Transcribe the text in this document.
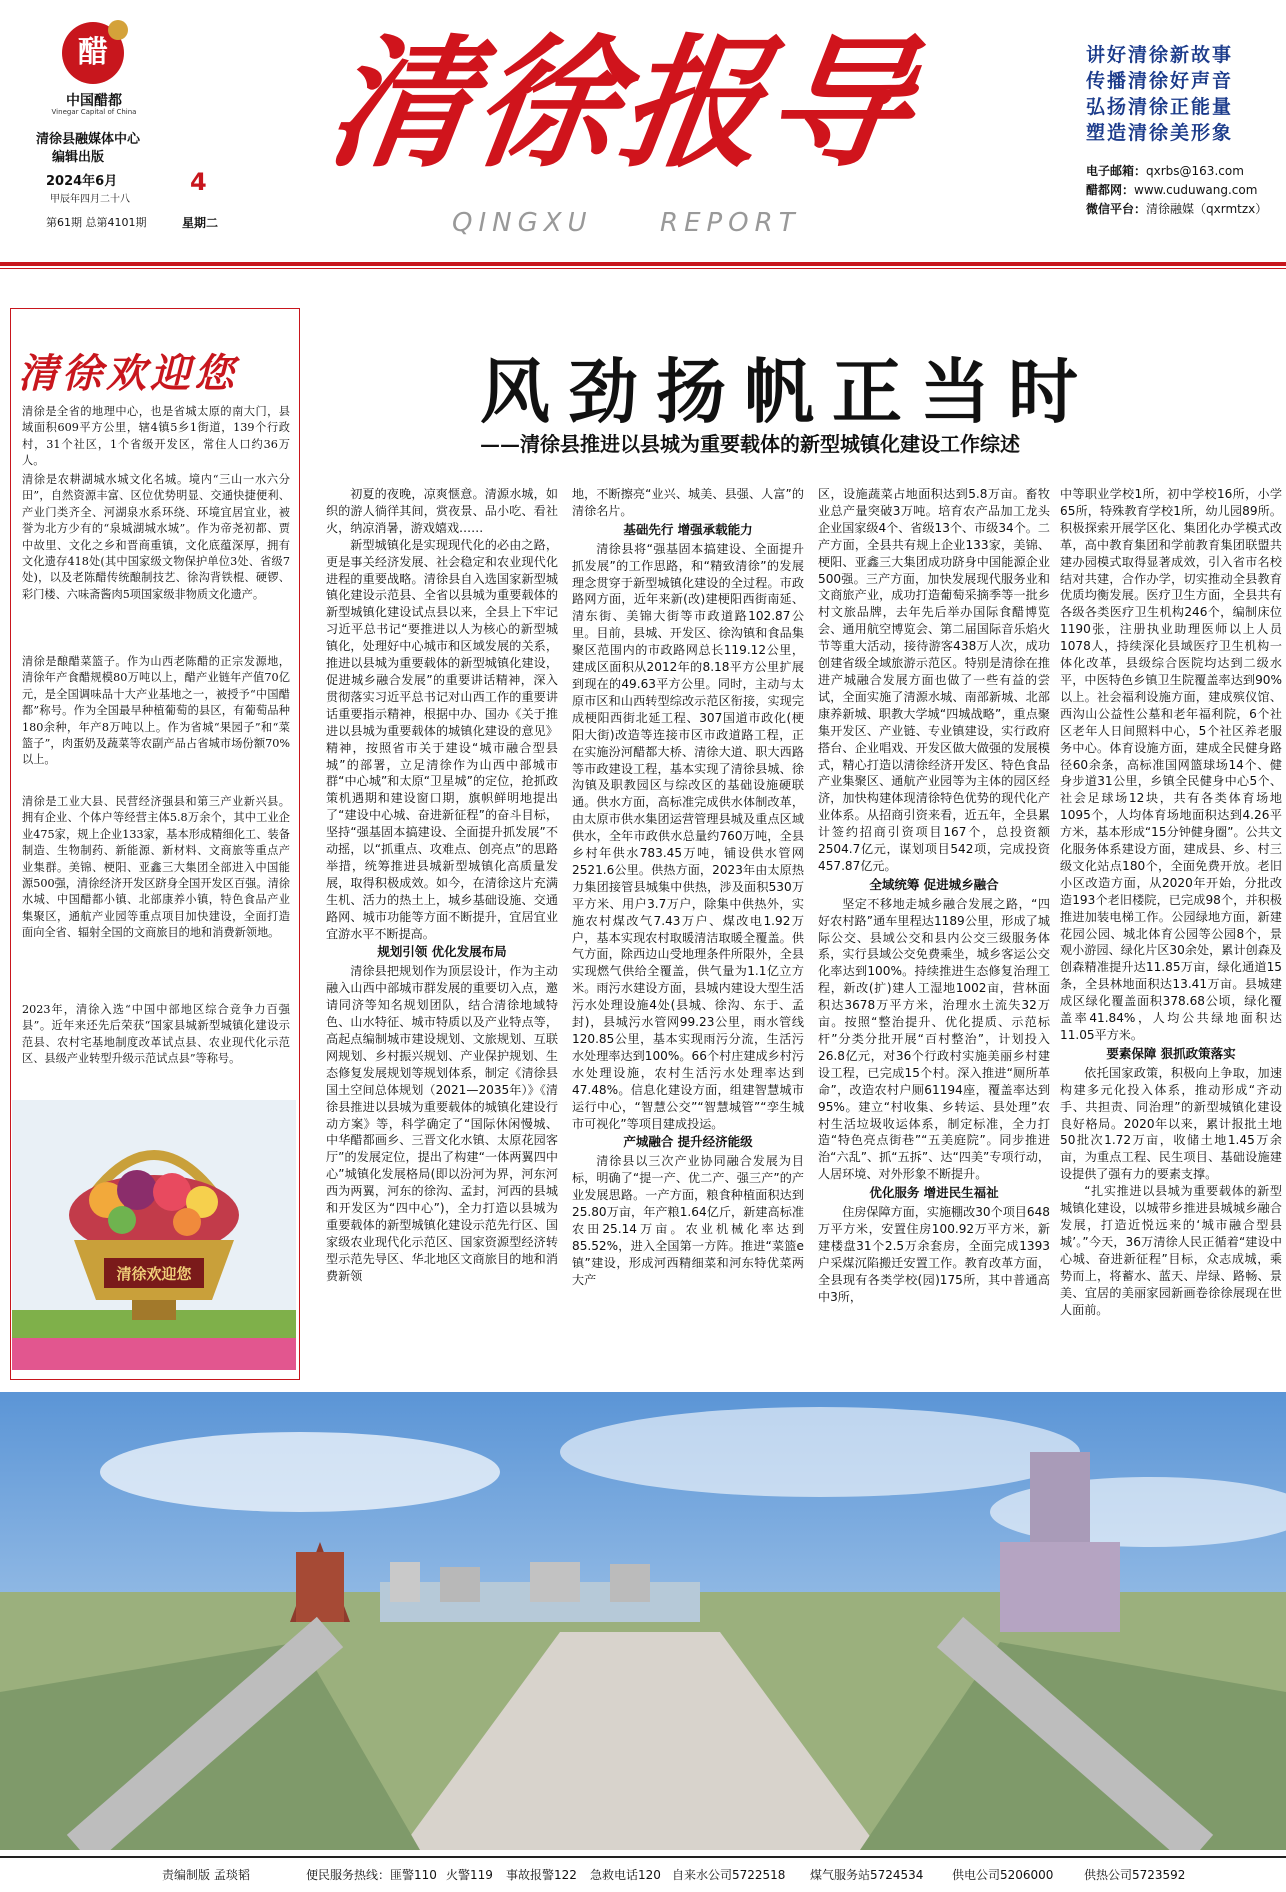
醋
中国醋都
Vinegar Capital of China
清徐县融媒体中心
编辑出版
2024年6月
甲辰年四月二十八
4
第61期 总第4101期	星期二
清徐报导
QINGXU	REPORT
讲好清徐新故事
传播清徐好声音
弘扬清徐正能量
塑造清徐美形象
电子邮箱：qxrbs@163.com
醋都网：www.cuduwang.com
微信平台：清徐融媒（qxrmtzx）
清徐欢迎您
清徐是全省的地理中心，也是省城太原的南大门，县域面积609平方公里，辖4镇5乡1街道，139个行政村，31个社区，1个省级开发区，常住人口约36万人。
清徐是农耕湖城水城文化名城。境内“三山一水六分田”，自然资源丰富、区位优势明显、交通快捷便利、产业门类齐全、河湖泉水系环绕、环境宜居宜业，被誉为北方少有的“泉城湖城水城”。作为帝尧初都、贾中故里、文化之乡和晋商重镇，文化底蕴深厚，拥有文化遗存418处(其中国家级文物保护单位3处、省级7处)，以及老陈醋传统酿制技艺、徐沟背铁棍、硬锣、彩门楼、六味斋酱肉5项国家级非物质文化遗产。
清徐是酿醋菜篮子。作为山西老陈醋的正宗发源地，清徐年产食醋规模80万吨以上，醋产业链年产值70亿元，是全国调味品十大产业基地之一，被授予“中国醋都”称号。作为全国最早种植葡萄的县区，有葡萄品种180余种，年产8万吨以上。作为省城“果园子”和“菜篮子”，肉蛋奶及蔬菜等农副产品占省城市场份额70%以上。
清徐是工业大县、民营经济强县和第三产业新兴县。拥有企业、个体户等经营主体5.8万余个，其中工业企业475家，规上企业133家，基本形成精细化工、装备制造、生物制药、新能源、新材料、文商旅等重点产业集群。美锦、梗阳、亚鑫三大集团全部进入中国能源500强，清徐经济开发区跻身全国开发区百强。清徐水城、中国醋都小镇、北部康养小镇，特色食品产业集聚区，通航产业园等重点项目加快建设，全面打造面向全省、辐射全国的文商旅目的地和消费新领地。
2023年，清徐入选“中国中部地区综合竞争力百强县”。近年来还先后荣获“国家县城新型城镇化建设示范县、农村宅基地制度改革试点县、农业现代化示范区、县级产业转型升级示范试点县”等称号。
清徐欢迎您
风劲扬帆正当时
——清徐县推进以县城为重要载体的新型城镇化建设工作综述

初夏的夜晚，凉爽惬意。清源水城，如织的游人徜徉其间，赏夜景、品小吃、看社火，纳凉消暑，游戏嬉戏……

新型城镇化是实现现代化的必由之路，更是事关经济发展、社会稳定和农业现代化进程的重要战略。清徐县自入选国家新型城镇化建设示范县、全省以县城为重要载体的新型城镇化建设试点县以来，全县上下牢记习近平总书记“要推进以人为核心的新型城镇化，处理好中心城市和区域发展的关系，推进以县城为重要载体的新型城镇化建设，促进城乡融合发展”的重要讲话精神，深入贯彻落实习近平总书记对山西工作的重要讲话重要指示精神，根据中办、国办《关于推进以县城为重要载体的城镇化建设的意见》精神，按照省市关于建设“城市融合型县城”的部署，立足清徐作为山西中部城市群“中心城”和太原“卫星城”的定位，抢抓政策机遇期和建设窗口期，旗帜鲜明地提出了“建设中心城、奋进新征程”的奋斗目标，坚持“强基固本搞建设、全面提升抓发展”不动摇，以“抓重点、攻难点、创亮点”的思路举措，统筹推进县城新型城镇化高质量发展，取得积极成效。如今，在清徐这片充满生机、活力的热土上，城乡基础设施、交通路网、城市功能等方面不断提升，宜居宜业宜游水平不断提高。

规划引领 优化发展布局

清徐县把规划作为顶层设计，作为主动融入山西中部城市群发展的重要切入点，邀请同济等知名规划团队，结合清徐地域特色、山水特征、城市特质以及产业特点等，高起点编制城市建设规划、文旅规划、互联网规划、乡村振兴规划、产业保护规划、生态修复发展规划等规划体系，制定《清徐县国土空间总体规划（2021—2035年）》《清徐县推进以县城为重要载体的城镇化建设行动方案》等，科学确定了“国际休闲慢城、中华醋都画乡、三晋文化水镇、太原花园客厅”的发展定位，提出了构建“一体两翼四中心”城镇化发展格局(即以汾河为界，河东河西为两翼，河东的徐沟、孟封，河西的县城和开发区为“四中心”)，全力打造以县城为重要载体的新型城镇化建设示范先行区、国家级农业现代化示范区、国家资源型经济转型示范先导区、华北地区文商旅目的地和消费新领

地，不断擦亮“业兴、城美、县强、人富”的清徐名片。

基础先行 增强承载能力

清徐县将“强基固本搞建设、全面提升抓发展”的工作思路，和“精致清徐”的发展理念贯穿于新型城镇化建设的全过程。市政路网方面，近年来新(改)建梗阳西街南延、清东街、美锦大街等市政道路102.87公里。目前，县城、开发区、徐沟镇和食品集聚区范围内的市政路网总长119.12公里，建成区面积从2012年的8.18平方公里扩展到现在的49.63平方公里。同时，主动与太原市区和山西转型综改示范区衔接，实现完成梗阳西街北延工程、307国道市政化(梗阳大街)改造等连接市区市政道路工程，正在实施汾河醋都大桥、清徐大道、职大西路等市政建设工程，基本实现了清徐县城、徐沟镇及职教园区与综改区的基础设施硬联通。供水方面，高标准完成供水体制改革，由太原市供水集团运营管理县城及重点区域供水，全年市政供水总量约760万吨，全县乡村年供水783.45万吨，铺设供水管网2521.6公里。供热方面，2023年由太原热力集团接管县城集中供热，涉及面积530万平方米、用户3.7万户，除集中供热外，实施农村煤改气7.43万户、煤改电1.92万户，基本实现农村取暖清洁取暖全覆盖。供气方面，除西边山受地理条件所限外，全县实现燃气供给全覆盖，供气量为1.1亿立方米。雨污水建设方面，县城内建设大型生活污水处理设施4处(县城、徐沟、东于、孟封)，县城污水管网99.23公里，雨水管线120.85公里，基本实现雨污分流，生活污水处理率达到100%。66个村庄建成乡村污水处理设施，农村生活污水处理率达到47.48%。信息化建设方面，组建智慧城市运行中心，“智慧公交”“智慧城管”“孪生城市可视化”等项目建成投运。

产城融合 提升经济能级

清徐县以三次产业协同融合发展为目标，明确了“提一产、优二产、强三产”的产业发展思路。一产方面，粮食种植面积达到25.80万亩，年产粮1.64亿斤，新建高标准农田25.14万亩。农业机械化率达到85.52%，进入全国第一方阵。推进“菜篮e镇”建设，形成河西精细菜和河东特优菜两大产

区，设施蔬菜占地面积达到5.8万亩。畜牧业总产量突破3万吨。培育农产品加工龙头企业国家级4个、省级13个、市级34个。二产方面，全县共有规上企业133家，美锦、梗阳、亚鑫三大集团成功跻身中国能源企业500强。三产方面，加快发展现代服务业和文商旅产业，成功打造葡萄采摘季等一批乡村文旅品牌，去年先后举办国际食醋博览会、通用航空博览会、第二届国际音乐焰火节等重大活动，接待游客438万人次，成功创建省级全域旅游示范区。特别是清徐在推进产城融合发展方面也做了一些有益的尝试，全面实施了清源水城、南部新城、北部康养新城、职教大学城“四城战略”，重点聚集开发区、产业链、专业镇建设，实行政府搭台、企业唱戏、开发区做大做强的发展模式，精心打造以清徐经济开发区、特色食品产业集聚区、通航产业园等为主体的园区经济，加快构建体现清徐特色优势的现代化产业体系。从招商引资来看，近五年，全县累计签约招商引资项目167个，总投资额2504.7亿元，谋划项目542项，完成投资457.87亿元。

全域统筹 促进城乡融合

坚定不移地走城乡融合发展之路，“四好农村路”通车里程达1189公里，形成了城际公交、县域公交和县内公交三级服务体系，实行县域公交免费乘坐，城乡客运公交化率达到100%。持续推进生态修复治理工程，新改(扩)建人工湿地1002亩，营林面积达3678万平方米，治理水土流失32万亩。按照“整治提升、优化提质、示范标杆”分类分批开展“百村整治”，计划投入26.8亿元，对36个行政村实施美丽乡村建设工程，已完成15个村。深入推进“厕所革命”，改造农村户厕61194座，覆盖率达到95%。建立“村收集、乡转运、县处理”农村生活垃圾收运体系，制定标准，全力打造“特色亮点街巷”“五美庭院”。同步推进治“六乱”、抓“五拆”、达“四美”专项行动，人居环境、对外形象不断提升。

优化服务 增进民生福祉

住房保障方面，实施棚改30个项目648万平方米，安置住房100.92万平方米，新建楼盘31个2.5万余套房，全面完成1393户采煤沉陷搬迁安置工作。教育改革方面，全县现有各类学校(园)175所，其中普通高中3所，

中等职业学校1所，初中学校16所，小学65所，特殊教育学校1所，幼儿园89所。积极探索开展学区化、集团化办学模式改革，高中教育集团和学前教育集团联盟共建办园模式取得显著成效，引入省市名校结对共建，合作办学，切实推动全县教育优质均衡发展。医疗卫生方面，全县共有各级各类医疗卫生机构246个，编制床位1190张，注册执业助理医师以上人员1078人，持续深化县域医疗卫生机构一体化改革，县级综合医院均达到二级水平，中医特色乡镇卫生院覆盖率达到90%以上。社会福利设施方面，建成殡仪馆、西沟山公益性公墓和老年福利院，6个社区老年人日间照料中心，5个社区养老服务中心。体育设施方面，建成全民健身路径60余条，高标准国网篮球场14个、健身步道31公里，乡镇全民健身中心5个、社会足球场12块，共有各类体育场地1095个，人均体育场地面积达到4.26平方米，基本形成“15分钟健身圈”。公共文化服务体系建设方面，建成县、乡、村三级文化站点180个，全面免费开放。老旧小区改造方面，从2020年开始，分批改造193个老旧楼院，已完成98个，并积极推进加装电梯工作。公园绿地方面，新建花园公园、城北体育公园等公园8个，景观小游园、绿化片区30余处，累计创森及创森精准提升达11.85万亩，绿化通道15条，全县林地面积达13.41万亩。县城建成区绿化覆盖面积378.68公顷，绿化覆盖率41.84%，人均公共绿地面积达11.05平方米。

要素保障 狠抓政策落实

依托国家政策，积极向上争取，加速构建多元化投入体系，推动形成“齐动手、共担责、同治理”的新型城镇化建设良好格局。2020年以来，累计报批土地50批次1.72万亩，收储土地1.45万余亩，为重点工程、民生项目、基础设施建设提供了强有力的要素支撑。

“扎实推进以县城为重要载体的新型城镇化建设，以城带乡推进县城城乡融合发展，打造近悦远来的‘城市融合型县城’。”今天，36万清徐人民正循着“建设中心城、奋进新征程”目标，众志成城，乘势而上，将蓄水、蓝天、岸绿、路畅、景美、宜居的美丽家园新画卷徐徐展现在世人面前。

责编制版 孟琰韬	便民服务热线：匪警110 火警119 事故报警122 急救电话120 自来水公司5722518 煤气服务站5724534 供电公司5206000	供热公司5723592
